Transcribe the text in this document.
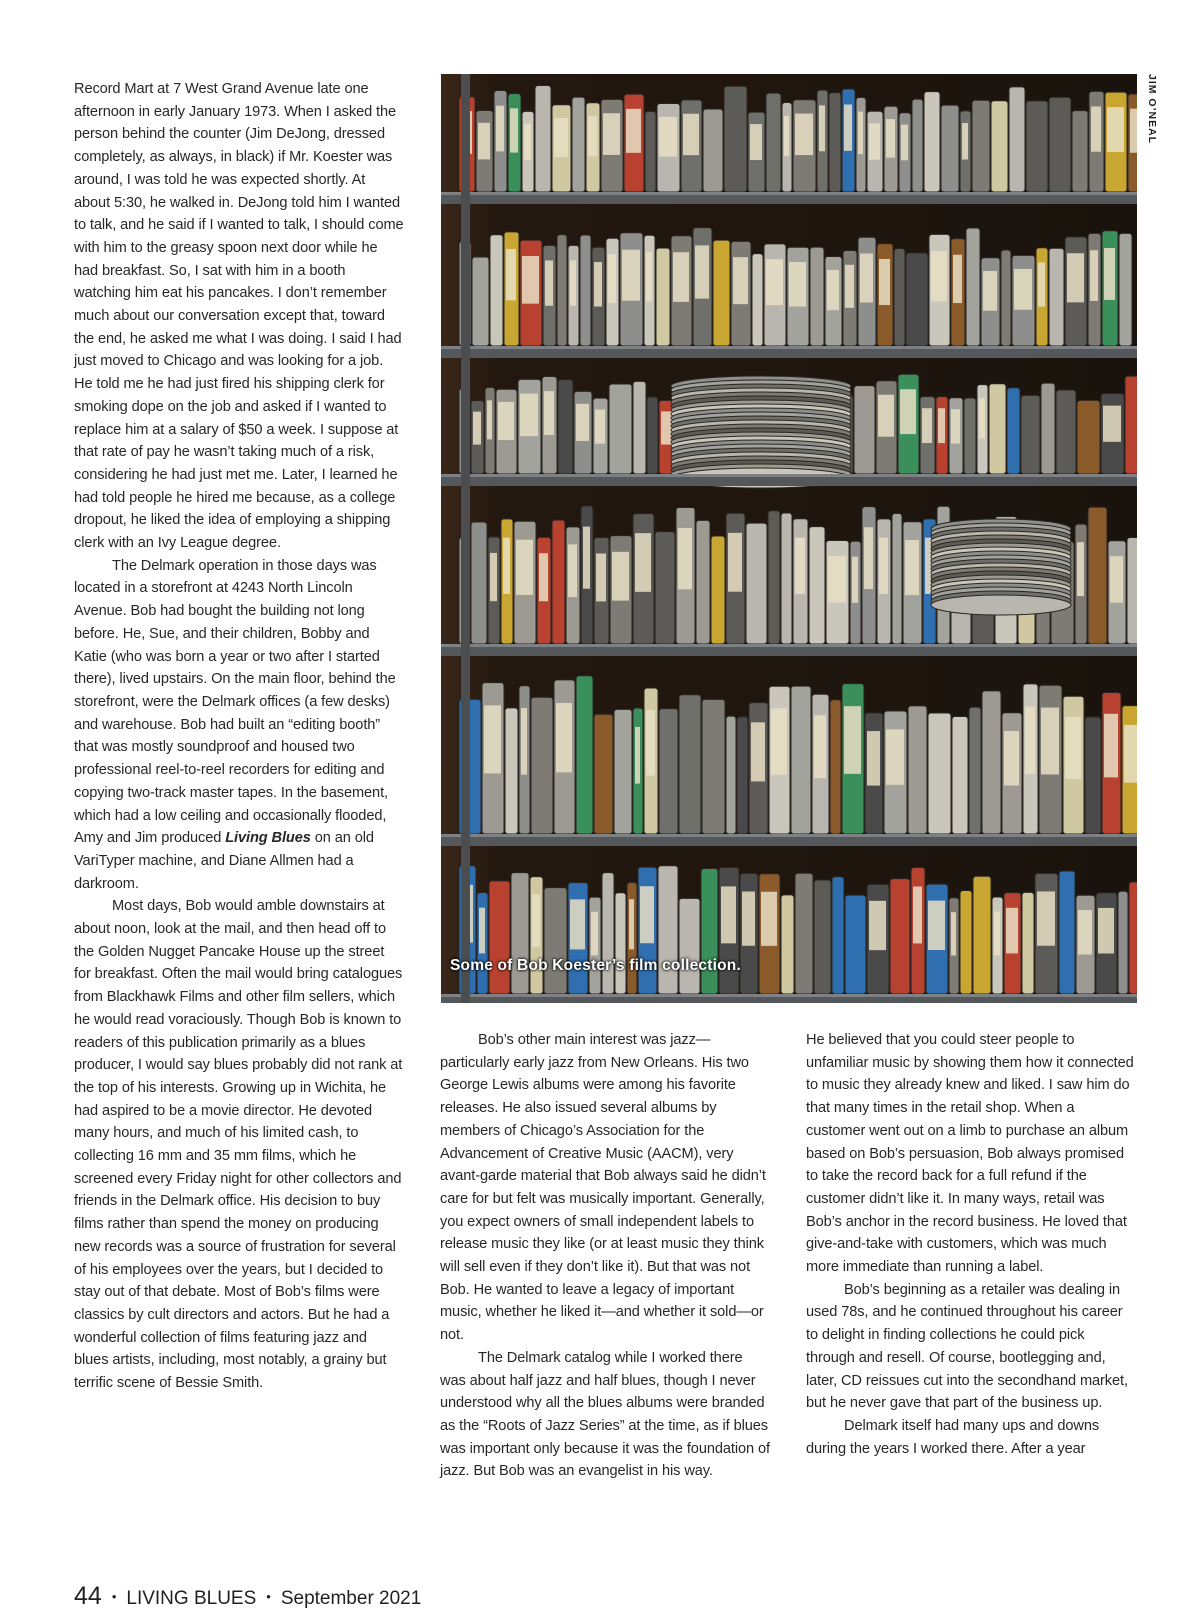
Record Mart at 7 West Grand Avenue late one afternoon in early January 1973. When I asked the person behind the counter (Jim DeJong, dressed completely, as always, in black) if Mr. Koester was around, I was told he was expected shortly. At about 5:30, he walked in. DeJong told him I wanted to talk, and he said if I wanted to talk, I should come with him to the greasy spoon next door while he had breakfast. So, I sat with him in a booth watching him eat his pancakes. I don’t remember much about our conversation except that, toward the end, he asked me what I was doing. I said I had just moved to Chicago and was looking for a job. He told me he had just fired his shipping clerk for smoking dope on the job and asked if I wanted to replace him at a salary of $50 a week. I suppose at that rate of pay he wasn’t taking much of a risk, considering he had just met me. Later, I learned he had told people he hired me because, as a college dropout, he liked the idea of employing a shipping clerk with an Ivy League degree.

The Delmark operation in those days was located in a storefront at 4243 North Lincoln Avenue. Bob had bought the building not long before. He, Sue, and their children, Bobby and Katie (who was born a year or two after I started there), lived upstairs. On the main floor, behind the storefront, were the Delmark offices (a few desks) and warehouse. Bob had built an “editing booth” that was mostly soundproof and housed two professional reel-to-reel recorders for editing and copying two-track master tapes. In the basement, which had a low ceiling and occasionally flooded, Amy and Jim produced Living Blues on an old VariTyper machine, and Diane Allmen had a darkroom.

Most days, Bob would amble downstairs at about noon, look at the mail, and then head off to the Golden Nugget Pancake House up the street for breakfast. Often the mail would bring catalogues from Blackhawk Films and other film sellers, which he would read voraciously. Though Bob is known to readers of this publication primarily as a blues producer, I would say blues probably did not rank at the top of his interests. Growing up in Wichita, he had aspired to be a movie director. He devoted many hours, and much of his limited cash, to collecting 16 mm and 35 mm films, which he screened every Friday night for other collectors and friends in the Delmark office. His decision to buy films rather than spend the money on producing new records was a source of frustration for several of his employees over the years, but I decided to stay out of that debate. Most of Bob’s films were classics by cult directors and actors. But he had a wonderful collection of films featuring jazz and blues artists, including, most notably, a grainy but terrific scene of Bessie Smith.

Some of Bob Koester’s film collection.
JIM O’NEAL

Bob’s other main interest was jazz—particularly early jazz from New Orleans. His two George Lewis albums were among his favorite releases. He also issued several albums by members of Chicago’s Association for the Advancement of Creative Music (AACM), very avant-garde material that Bob always said he didn’t care for but felt was musically important. Generally, you expect owners of small independent labels to release music they like (or at least music they think will sell even if they don’t like it). But that was not Bob. He wanted to leave a legacy of important music, whether he liked it—and whether it sold—or not.

The Delmark catalog while I worked there was about half jazz and half blues, though I never understood why all the blues albums were branded as the “Roots of Jazz Series” at the time, as if blues was important only because it was the foundation of jazz. But Bob was an evangelist in his way.

He believed that you could steer people to unfamiliar music by showing them how it connected to music they already knew and liked. I saw him do that many times in the retail shop. When a customer went out on a limb to purchase an album based on Bob’s persuasion, Bob always promised to take the record back for a full refund if the customer didn’t like it. In many ways, retail was Bob’s anchor in the record business. He loved that give-and-take with customers, which was much more immediate than running a label.

Bob’s beginning as a retailer was dealing in used 78s, and he continued throughout his career to delight in finding collections he could pick through and resell. Of course, bootlegging and, later, CD reissues cut into the secondhand market, but he never gave that part of the business up.

Delmark itself had many ups and downs during the years I worked there. After a year

44 • LIVING BLUES • September 2021
